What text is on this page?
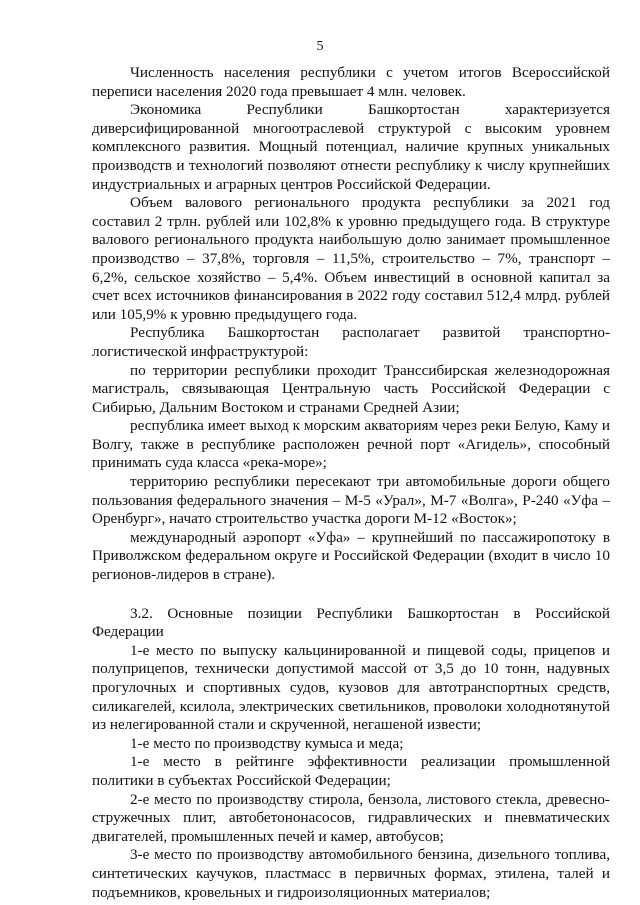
5

Численность населения республики с учетом итогов Всероссийской переписи населения 2020 года превышает 4 млн. человек.

Экономика Республики Башкортостан характеризуется диверсифицированной многоотраслевой структурой с высоким уровнем комплексного развития. Мощный потенциал, наличие крупных уникальных производств и технологий позволяют отнести республику к числу крупнейших индустриальных и аграрных центров Российской Федерации.

Объем валового регионального продукта республики за 2021 год составил 2 трлн. рублей или 102,8% к уровню предыдущего года. В структуре валового регионального продукта наибольшую долю занимает промышленное производство – 37,8%, торговля – 11,5%, строительство – 7%, транспорт – 6,2%, сельское хозяйство – 5,4%. Объем инвестиций в основной капитал за счет всех источников финансирования в 2022 году составил 512,4 млрд. рублей или 105,9% к уровню предыдущего года.

Республика Башкортостан располагает развитой транспортно-логистической инфраструктурой:

по территории республики проходит Транссибирская железнодорожная магистраль, связывающая Центральную часть Российской Федерации с Сибирью, Дальним Востоком и странами Средней Азии;

республика имеет выход к морским акваториям через реки Белую, Каму и Волгу, также в республике расположен речной порт «Агидель», способный принимать суда класса «река-море»;

территорию республики пересекают три автомобильные дороги общего пользования федерального значения – М-5 «Урал», М-7 «Волга», Р-240 «Уфа – Оренбург», начато строительство участка дороги М-12 «Восток»;

международный аэропорт «Уфа» – крупнейший по пассажиропотоку в Приволжском федеральном округе и Российской Федерации (входит в число 10 регионов-лидеров в стране).

3.2. Основные позиции Республики Башкортостан в Российской Федерации

1-е место по выпуску кальцинированной и пищевой соды, прицепов и полуприцепов, технически допустимой массой от 3,5 до 10 тонн, надувных прогулочных и спортивных судов, кузовов для автотранспортных средств, силикагелей, ксилола, электрических светильников, проволоки холоднотянутой из нелегированной стали и скрученной, негашеной извести;

1-е место по производству кумыса и меда;

1-е место в рейтинге эффективности реализации промышленной политики в субъектах Российской Федерации;

2-е место по производству стирола, бензола, листового стекла, древесно-стружечных плит, автобетононасосов, гидравлических и пневматических двигателей, промышленных печей и камер, автобусов;

3-е место по производству автомобильного бензина, дизельного топлива, синтетических каучуков, пластмасс в первичных формах, этилена, талей и подъемников, кровельных и гидроизоляционных материалов;
